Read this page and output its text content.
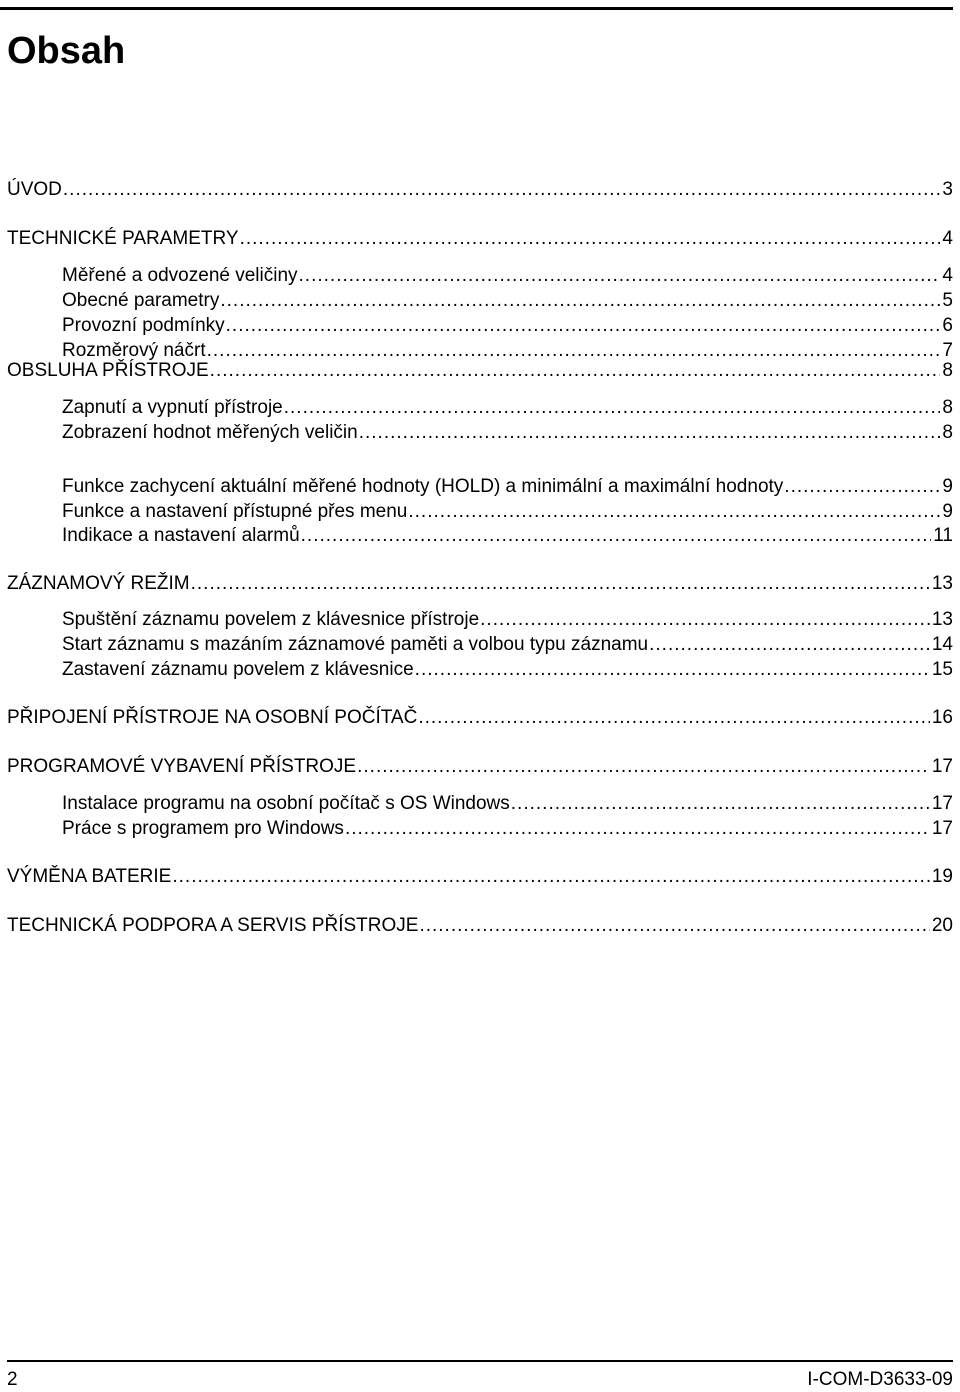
Obsah
ÚVOD .....	3
TECHNICKÉ PARAMETRY .....	4
Měřené a odvozené veličiny .....	4
Obecné parametry .....	5
Provozní podmínky .....	6
Rozměrový náčrt .....	7
OBSLUHA PŘÍSTROJE .....	8
Zapnutí a vypnutí přístroje .....	8
Zobrazení hodnot měřených veličin .....	8
Funkce zachycení aktuální měřené hodnoty (HOLD) a minimální a maximální hodnoty .....	9
Funkce a nastavení přístupné přes menu .....	9
Indikace a nastavení alarmů .....	11
ZÁZNAMOVÝ REŽIM .....	13
Spuštění záznamu povelem z klávesnice přístroje .....	13
Start záznamu s mazáním záznamové paměti a volbou typu záznamu .....	14
Zastavení záznamu povelem z klávesnice .....	15
PŘIPOJENÍ PŘÍSTROJE NA OSOBNÍ POČÍTAČ .....	16
PROGRAMOVÉ VYBAVENÍ PŘÍSTROJE .....	17
Instalace programu na osobní počítač s OS Windows .....	17
Práce s programem pro Windows .....	17
VÝMĚNA BATERIE .....	19
TECHNICKÁ PODPORA A SERVIS PŘÍSTROJE .....	20
2	I-COM-D3633-09
